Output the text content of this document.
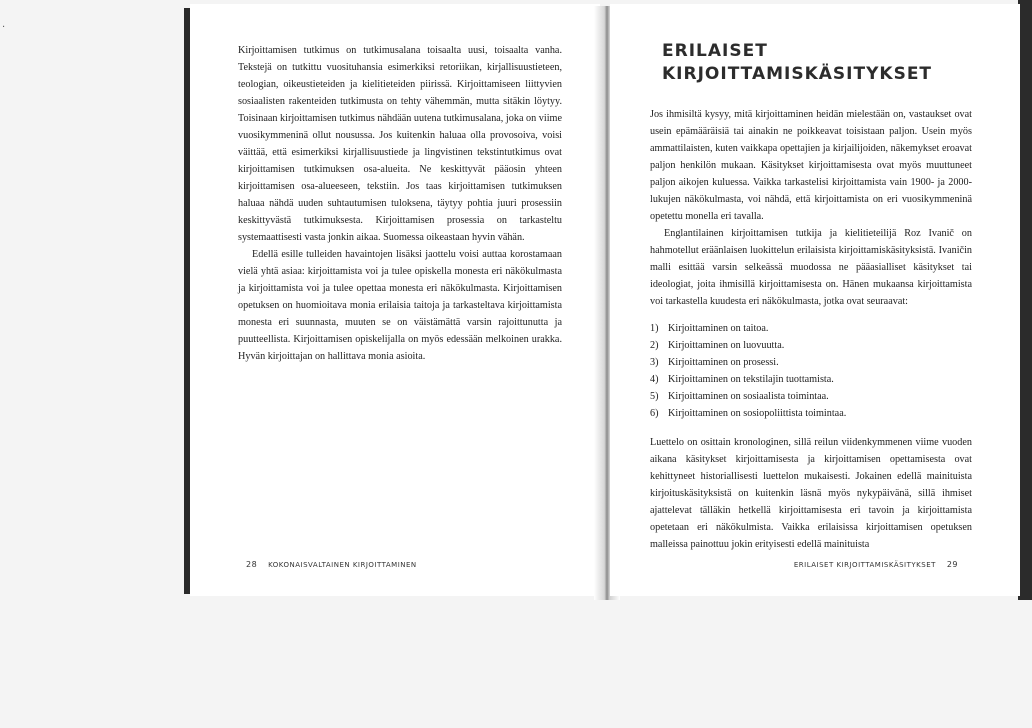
·

Kirjoittamisen tutkimus on tutkimusalana toisaalta uusi, toisaalta vanha. Tekstejä on tutkittu vuosituhansia esimerkiksi retoriikan, kirjallisuustieteen, teologian, oikeustieteiden ja kielitieteiden piirissä. Kirjoittamiseen liittyvien sosiaalisten rakenteiden tutkimusta on tehty vähemmän, mutta sitäkin löytyy. Toisinaan kirjoittamisen tutkimus nähdään uutena tutkimusalana, joka on viime vuosikymmeninä ollut nousussa. Jos kuitenkin haluaa olla provosoiva, voisi väittää, että esimerkiksi kirjallisuustiede ja lingvistinen tekstintutkimus ovat kirjoittamisen tutkimuksen osa-alueita. Ne keskittyvät pääosin yhteen kirjoittamisen osa-alueeseen, tekstiin. Jos taas kirjoittamisen tutkimuksen haluaa nähdä uuden suhtautumisen tuloksena, täytyy pohtia juuri prosessiin keskittyvästä tutkimuksesta. Kirjoittamisen prosessia on tarkasteltu systemaattisesti vasta jonkin aikaa. Suomessa oikeastaan hyvin vähän.

Edellä esille tulleiden havaintojen lisäksi jaottelu voisi auttaa korostamaan vielä yhtä asiaa: kirjoittamista voi ja tulee opiskella monesta eri näkökulmasta ja kirjoittamista voi ja tulee opettaa monesta eri näkökulmasta. Kirjoittamisen opetuksen on huomioitava monia erilaisia taitoja ja tarkasteltava kirjoittamista monesta eri suunnasta, muuten se on väistämättä varsin rajoittunutta ja puutteellista. Kirjoittamisen opiskelijalla on myös edessään melkoinen urakka. Hyvän kirjoittajan on hallittava monia asioita.

28 KOKONAISVALTAINEN KIRJOITTAMINEN
ERILAISET
KIRJOITTAMISKÄSITYKSET

Jos ihmisiltä kysyy, mitä kirjoittaminen heidän mielestään on, vastaukset ovat usein epämääräisiä tai ainakin ne poikkeavat toisistaan paljon. Usein myös ammattilaisten, kuten vaikkapa opettajien ja kirjailijoiden, näkemykset eroavat paljon henkilön mukaan. Käsitykset kirjoittamisesta ovat myös muuttuneet paljon aikojen kuluessa. Vaikka tarkastelisi kirjoittamista vain 1900- ja 2000-lukujen näkökulmasta, voi nähdä, että kirjoittamista on eri vuosikymmeninä opetettu monella eri tavalla.

Englantilainen kirjoittamisen tutkija ja kielitieteilijä Roz Ivanič on hahmotellut eräänlaisen luokittelun erilaisista kirjoittamiskäsityksistä. Ivaničin malli esittää varsin selkeässä muodossa ne pääasialliset käsitykset tai ideologiat, joita ihmisillä kirjoittamisesta on. Hänen mukaansa kirjoittamista voi tarkastella kuudesta eri näkökulmasta, jotka ovat seuraavat:

1) Kirjoittaminen on taitoa.
2) Kirjoittaminen on luovuutta.
3) Kirjoittaminen on prosessi.
4) Kirjoittaminen on tekstilajin tuottamista.
5) Kirjoittaminen on sosiaalista toimintaa.
6) Kirjoittaminen on sosiopoliittista toimintaa.

Luettelo on osittain kronologinen, sillä reilun viidenkymmenen viime vuoden aikana käsitykset kirjoittamisesta ja kirjoittamisen opettamisesta ovat kehittyneet historiallisesti luettelon mukaisesti. Jokainen edellä mainituista kirjoituskäsityksistä on kuitenkin läsnä myös nykypäivänä, sillä ihmiset ajattelevat tälläkin hetkellä kirjoittamisesta eri tavoin ja kirjoittamista opetetaan eri näkökulmista. Vaikka erilaisissa kirjoittamisen opetuksen malleissa painottuu jokin erityisesti edellä mainituista

ERILAISET KIRJOITTAMISKÄSITYKSET 29
